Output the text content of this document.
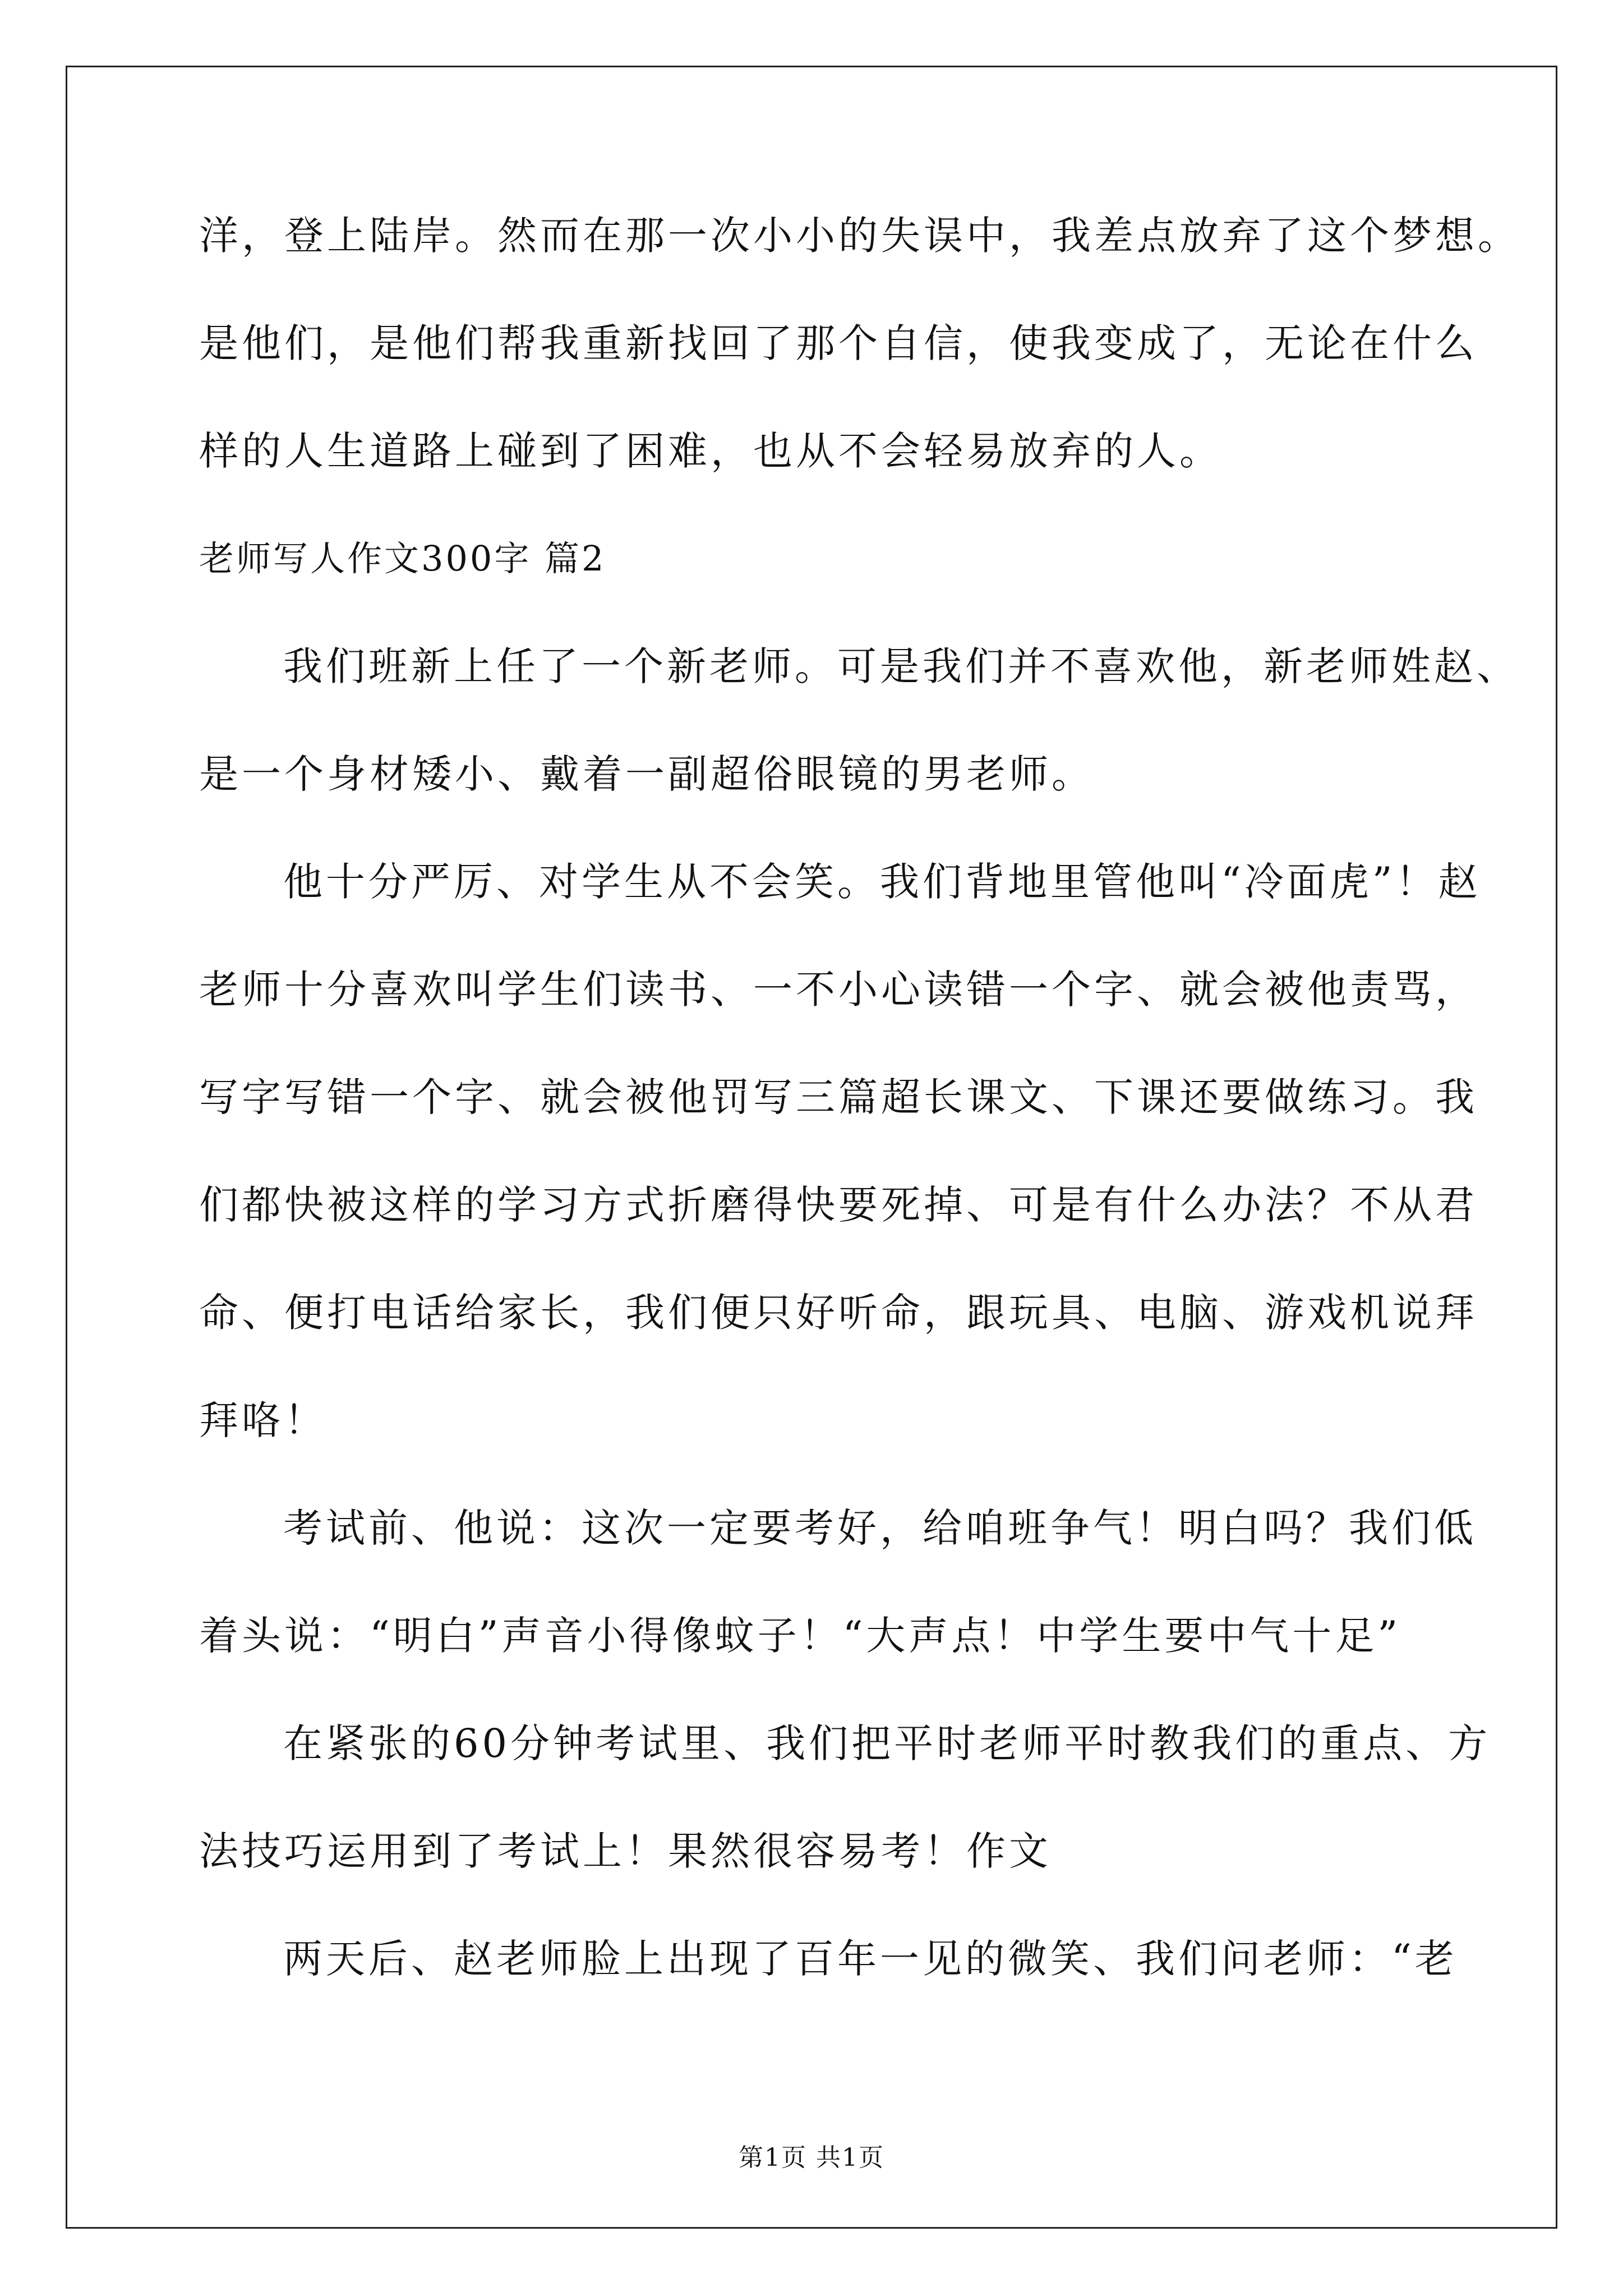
洋，登上陆岸。然而在那一次小小的失误中，我差点放弃了这个梦想。
是他们，是他们帮我重新找回了那个自信，使我变成了，无论在什么
样的人生道路上碰到了困难，也从不会轻易放弃的人。
老师写人作文300字 篇2
我们班新上任了一个新老师。可是我们并不喜欢他，新老师姓赵、
是一个身材矮小、戴着一副超俗眼镜的男老师。
他十分严厉、对学生从不会笑。我们背地里管他叫“冷面虎”！赵
老师十分喜欢叫学生们读书、一不小心读错一个字、就会被他责骂，
写字写错一个字、就会被他罚写三篇超长课文、下课还要做练习。我
们都快被这样的学习方式折磨得快要死掉、可是有什么办法？不从君
命、便打电话给家长，我们便只好听命，跟玩具、电脑、游戏机说拜
拜咯！
考试前、他说：这次一定要考好，给咱班争气！明白吗？我们低
着头说：“明白”声音小得像蚊子！“大声点！中学生要中气十足”
在紧张的60分钟考试里、我们把平时老师平时教我们的重点、方
法技巧运用到了考试上！果然很容易考！作文
两天后、赵老师脸上出现了百年一见的微笑、我们问老师：“老
第1页 共1页
